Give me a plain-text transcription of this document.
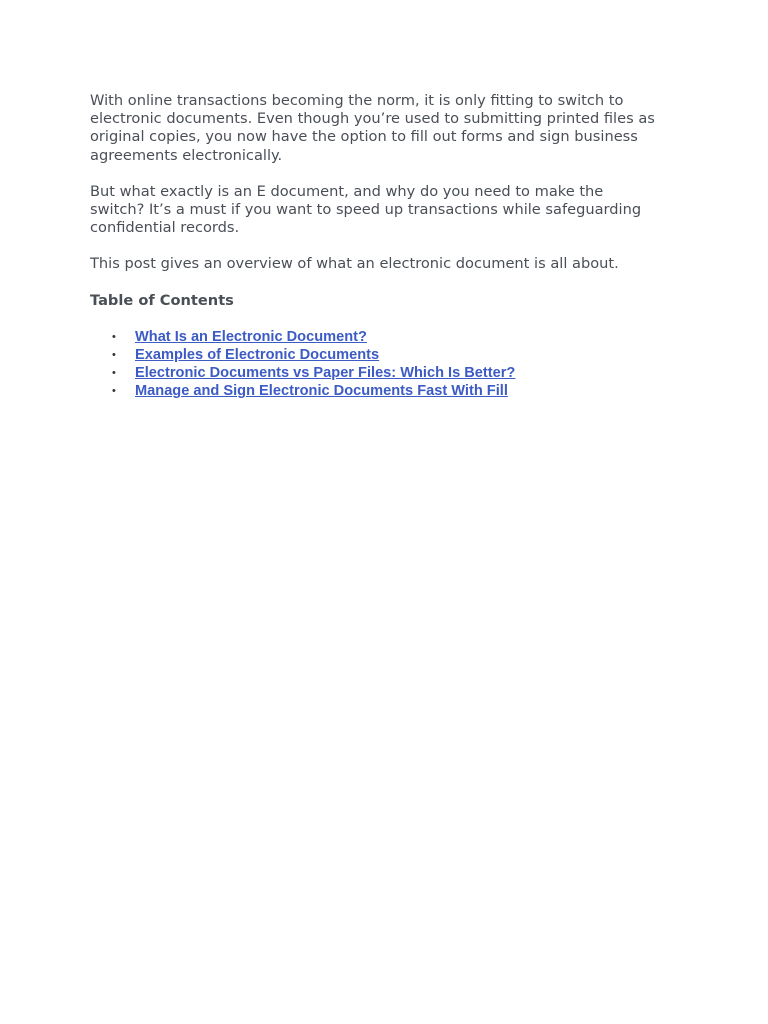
With online transactions becoming the norm, it is only fitting to switch to
electronic documents. Even though you’re used to submitting printed files as
original copies, you now have the option to fill out forms and sign business
agreements electronically.
But what exactly is an E document, and why do you need to make the
switch? It’s a must if you want to speed up transactions while safeguarding
confidential records.
This post gives an overview of what an electronic document is all about.
Table of Contents
• What Is an Electronic Document?
• Examples of Electronic Documents
• Electronic Documents vs Paper Files: Which Is Better?
• Manage and Sign Electronic Documents Fast With Fill
